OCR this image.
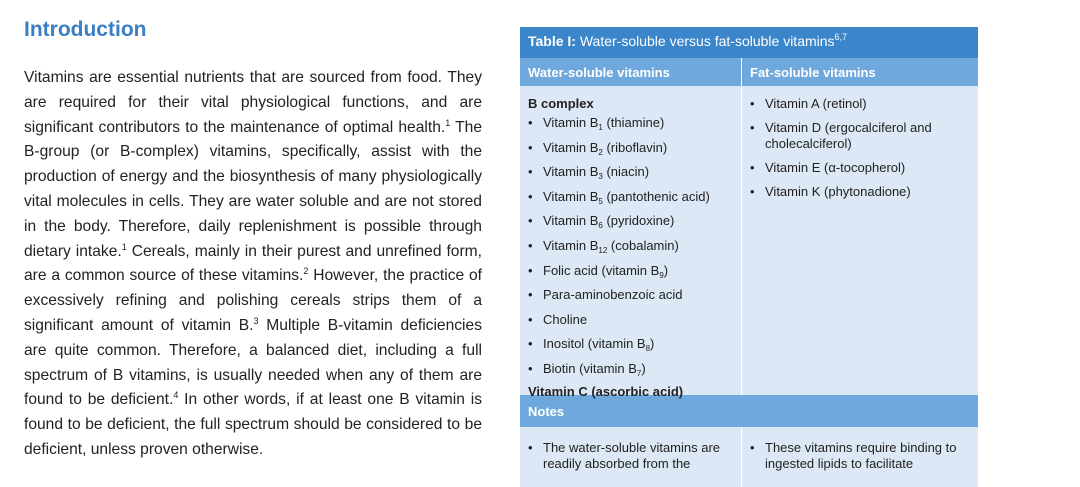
Introduction

Vitamins are essential nutrients that are sourced from food. They are required for their vital physiological functions, and are significant contributors to the maintenance of optimal health.$^1$ The B-group (or B-complex) vitamins, specifically, assist with the production of energy and the biosynthesis of many physiologically vital molecules in cells. They are water soluble and are not stored in the body. Therefore, daily replenishment is possible through dietary intake.$^1$ Cereals, mainly in their purest and unrefined form, are a common source of these vitamins.$^2$ However, the practice of excessively refining and polishing cereals strips them of a significant amount of vitamin B.$^3$ Multiple B-vitamin deficiencies are quite common. Therefore, a balanced diet, including a full spectrum of B vitamins, is usually needed when any of them are found to be deficient.$^4$ In other words, if at least one B vitamin is found to be deficient, the full spectrum should be considered to be deficient, unless proven otherwise.

Table I: Water-soluble versus fat-soluble vitamins$^{6,7}$
Water-soluble vitamins	Fat-soluble vitamins
B complex
• Vitamin $B_1$ (thiamine)
• Vitamin $B_2$ (riboflavin)
• Vitamin $B_3$ (niacin)
• Vitamin $B_5$ (pantothenic acid)
• Vitamin $B_6$ (pyridoxine)
• Vitamin $B_{12}$ (cobalamin)
• Folic acid (vitamin $B_9$)
• Para-aminobenzoic acid
• Choline
• Inositol (vitamin $B_8$)
• Biotin (vitamin $B_7$)
Vitamin C (ascorbic acid)
• Vitamin A (retinol)
• Vitamin D (ergocalciferol and cholecalciferol)
• Vitamin E (α-tocopherol)
• Vitamin K (phytonadione)
Notes
• The water-soluble vitamins are readily absorbed from the
• These vitamins require binding to ingested lipids to facilitate
